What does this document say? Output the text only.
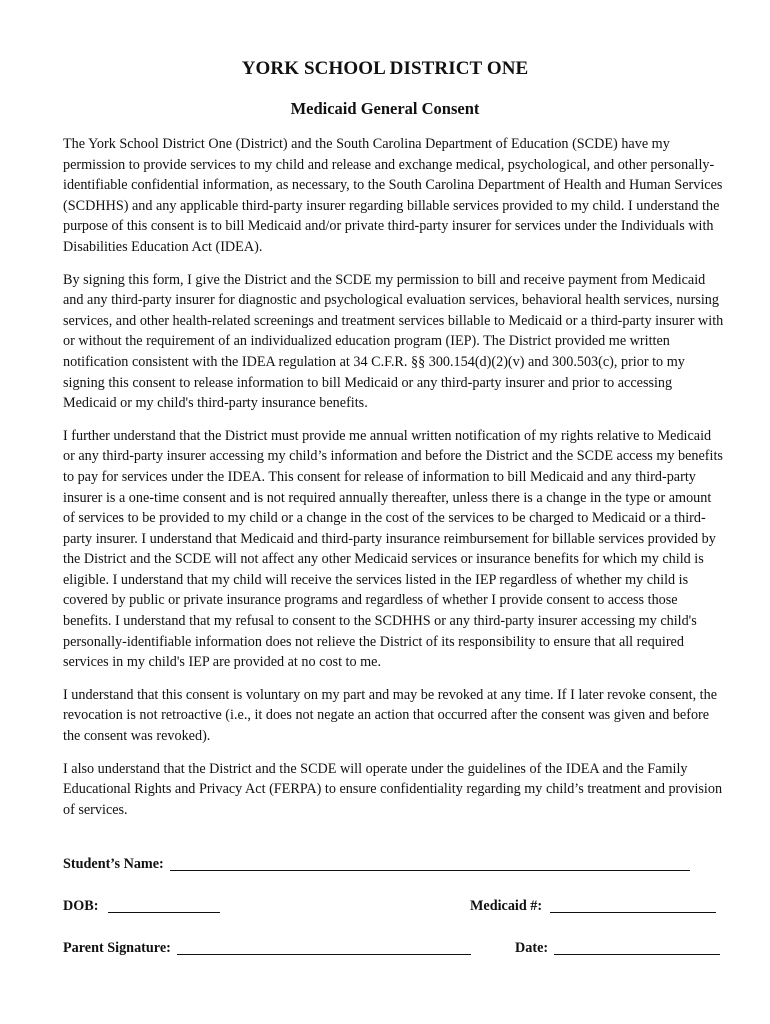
YORK SCHOOL DISTRICT ONE
Medicaid General Consent

The York School District One (District) and the South Carolina Department of Education (SCDE) have my permission to provide services to my child and release and exchange medical, psychological, and other personally-identifiable confidential information, as necessary, to the South Carolina Department of Health and Human Services (SCDHHS) and any applicable third-party insurer regarding billable services provided to my child. I understand the purpose of this consent is to bill Medicaid and/or private third-party insurer for services under the Individuals with Disabilities Education Act (IDEA).

By signing this form, I give the District and the SCDE my permission to bill and receive payment from Medicaid and any third-party insurer for diagnostic and psychological evaluation services, behavioral health services, nursing services, and other health-related screenings and treatment services billable to Medicaid or a third-party insurer with or without the requirement of an individualized education program (IEP). The District provided me written notification consistent with the IDEA regulation at 34 C.F.R. §§ 300.154(d)(2)(v) and 300.503(c), prior to my signing this consent to release information to bill Medicaid or any third-party insurer and prior to accessing Medicaid or my child's third-party insurance benefits.

I further understand that the District must provide me annual written notification of my rights relative to Medicaid or any third-party insurer accessing my child’s information and before the District and the SCDE access my benefits to pay for services under the IDEA. This consent for release of information to bill Medicaid and any third-party insurer is a one-time consent and is not required annually thereafter, unless there is a change in the type or amount of services to be provided to my child or a change in the cost of the services to be charged to Medicaid or a third-party insurer. I understand that Medicaid and third-party insurance reimbursement for billable services provided by the District and the SCDE will not affect any other Medicaid services or insurance benefits for which my child is eligible. I understand that my child will receive the services listed in the IEP regardless of whether my child is covered by public or private insurance programs and regardless of whether I provide consent to access those benefits. I understand that my refusal to consent to the SCDHHS or any third-party insurer accessing my child's personally-identifiable information does not relieve the District of its responsibility to ensure that all required services in my child's IEP are provided at no cost to me.

I understand that this consent is voluntary on my part and may be revoked at any time. If I later revoke consent, the revocation is not retroactive (i.e., it does not negate an action that occurred after the consent was given and before the consent was revoked).

I also understand that the District and the SCDE will operate under the guidelines of the IDEA and the Family Educational Rights and Privacy Act (FERPA) to ensure confidentiality regarding my child’s treatment and provision of services.

Student’s Name:
DOB:	Medicaid #:
Parent Signature:	Date:
